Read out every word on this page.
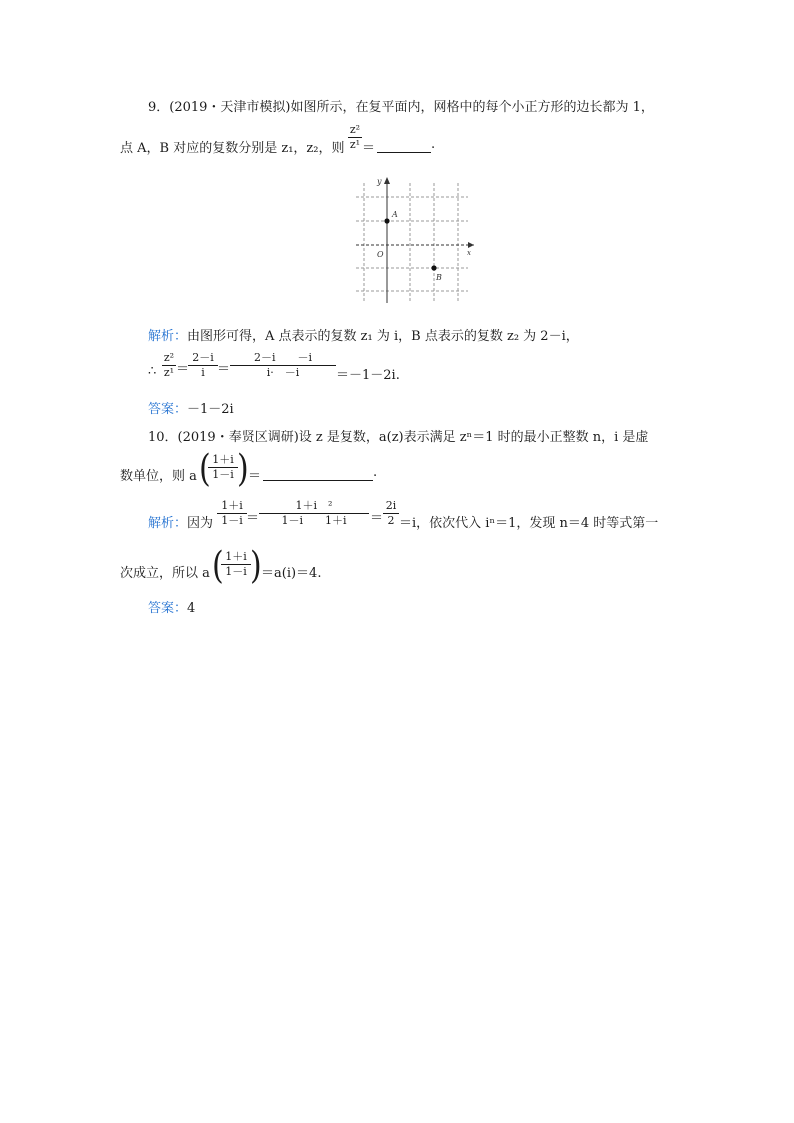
9．(2019・天津市模拟)如图所示，在复平面内，网格中的每个小正方形的边长都为 1，
点 A，B 对应的复数分别是 z₁，z₂，则
z²
z¹ ＝	.
y
x
O
A
B
解析：由图形可得，A 点表示的复数 z₁ 为 i，B 点表示的复数 z₂ 为 2－i，
∴
z²
z¹ ＝
2－i
i ＝
2－i　　－i
i·　－i	＝－1－2i.
答案：－1－2i
10．(2019・奉贤区调研)设 z 是复数，a(z)表示满足 zⁿ＝1 时的最小正整数 n，i 是虚
数单位，则 a ( 1＋i
1－i ) ＝	.
解析：因为
1＋i
1－i ＝
1＋i　²
1－i　　1＋i	＝
2i
2 ＝i，依次代入 iⁿ＝1，发现 n＝4 时等式第一
次成立，所以 a ( 1＋i
1－i ) ＝a(i)＝4.
答案：4
